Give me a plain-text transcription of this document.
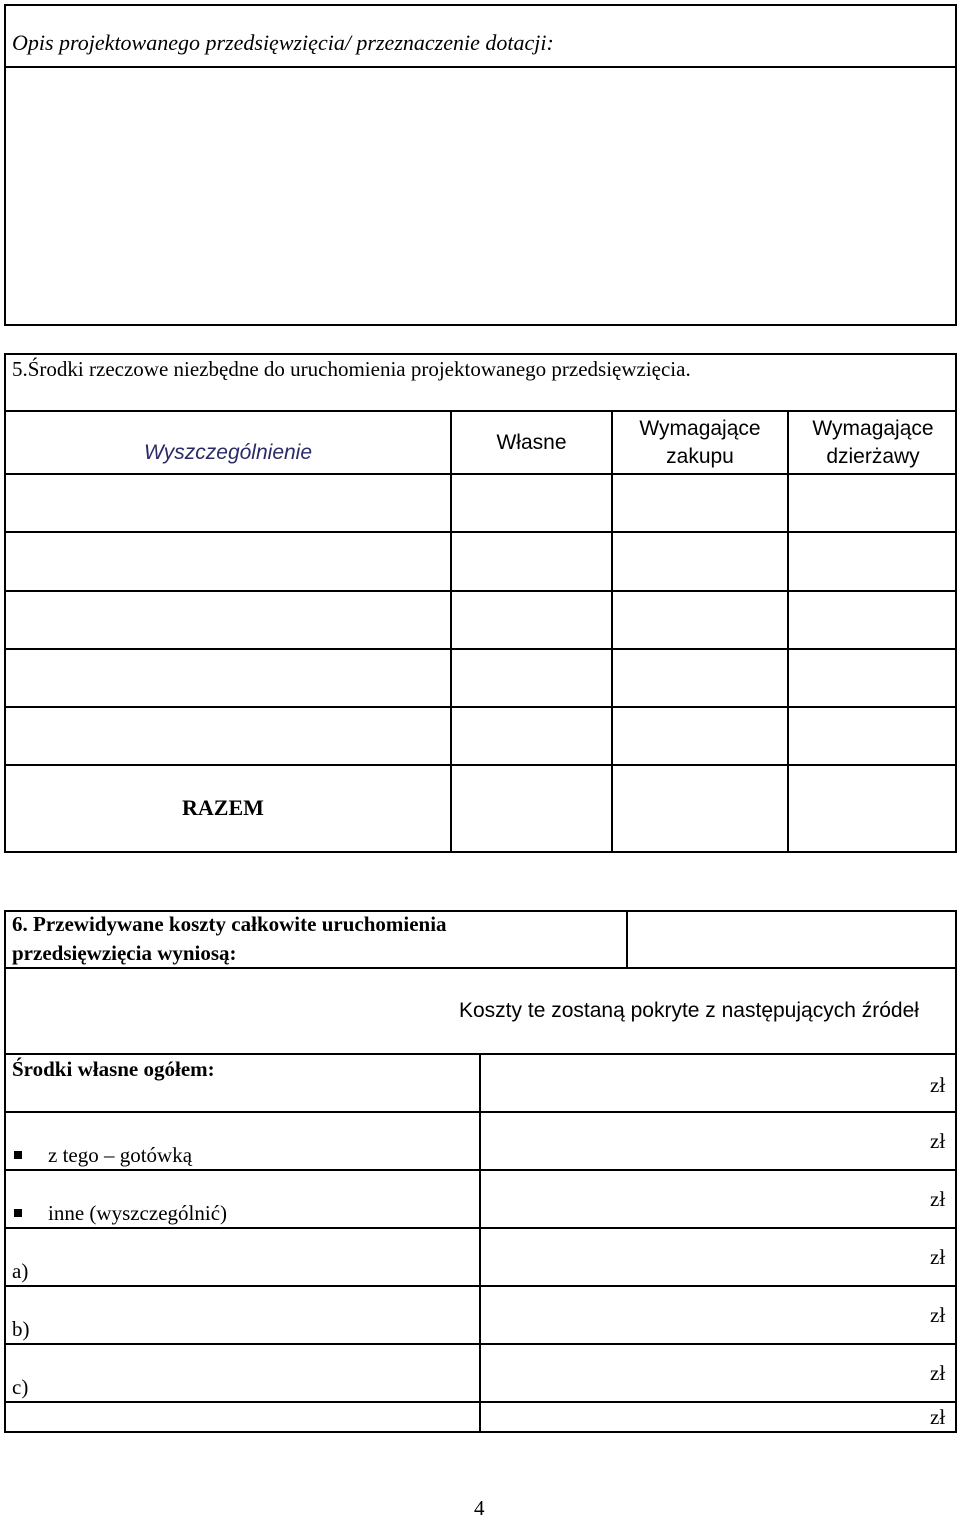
Opis projektowanego przedsięwzięcia/ przeznaczenie dotacji:
5.Środki rzeczowe niezbędne do uruchomienia projektowanego przedsięwzięcia.
Wyszczególnienie	Własne
Wymagające
zakupu
Wymagające
dzierżawy
RAZEM
6. Przewidywane koszty całkowite uruchomienia
przedsięwzięcia wyniosą:
Koszty te zostaną pokryte z następujących źródeł
Środki własne ogółem:
z tego – gotówką
inne (wyszczególnić)
a)
b)
c)
zł
zł
zł
zł
zł
zł
zł
4
